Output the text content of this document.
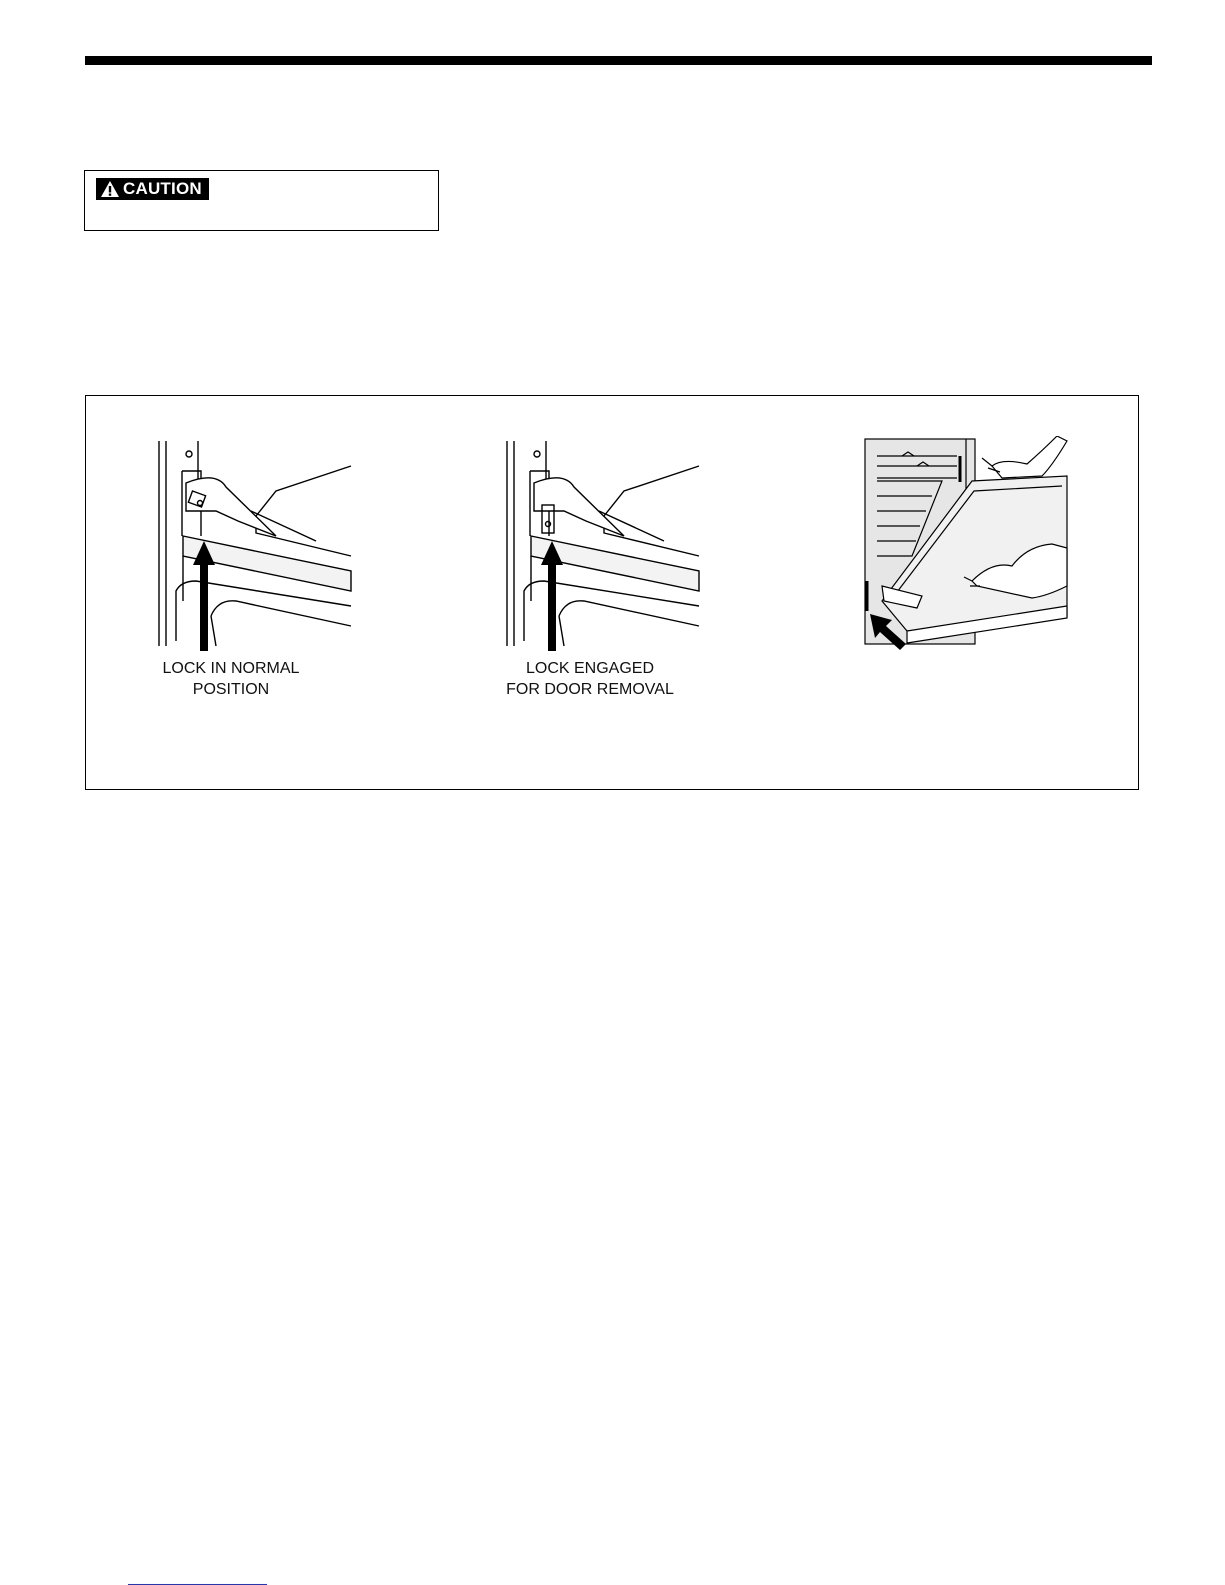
CAUTION
LOCK IN NORMAL
POSITION
LOCK ENGAGED
FOR DOOR REMOVAL
